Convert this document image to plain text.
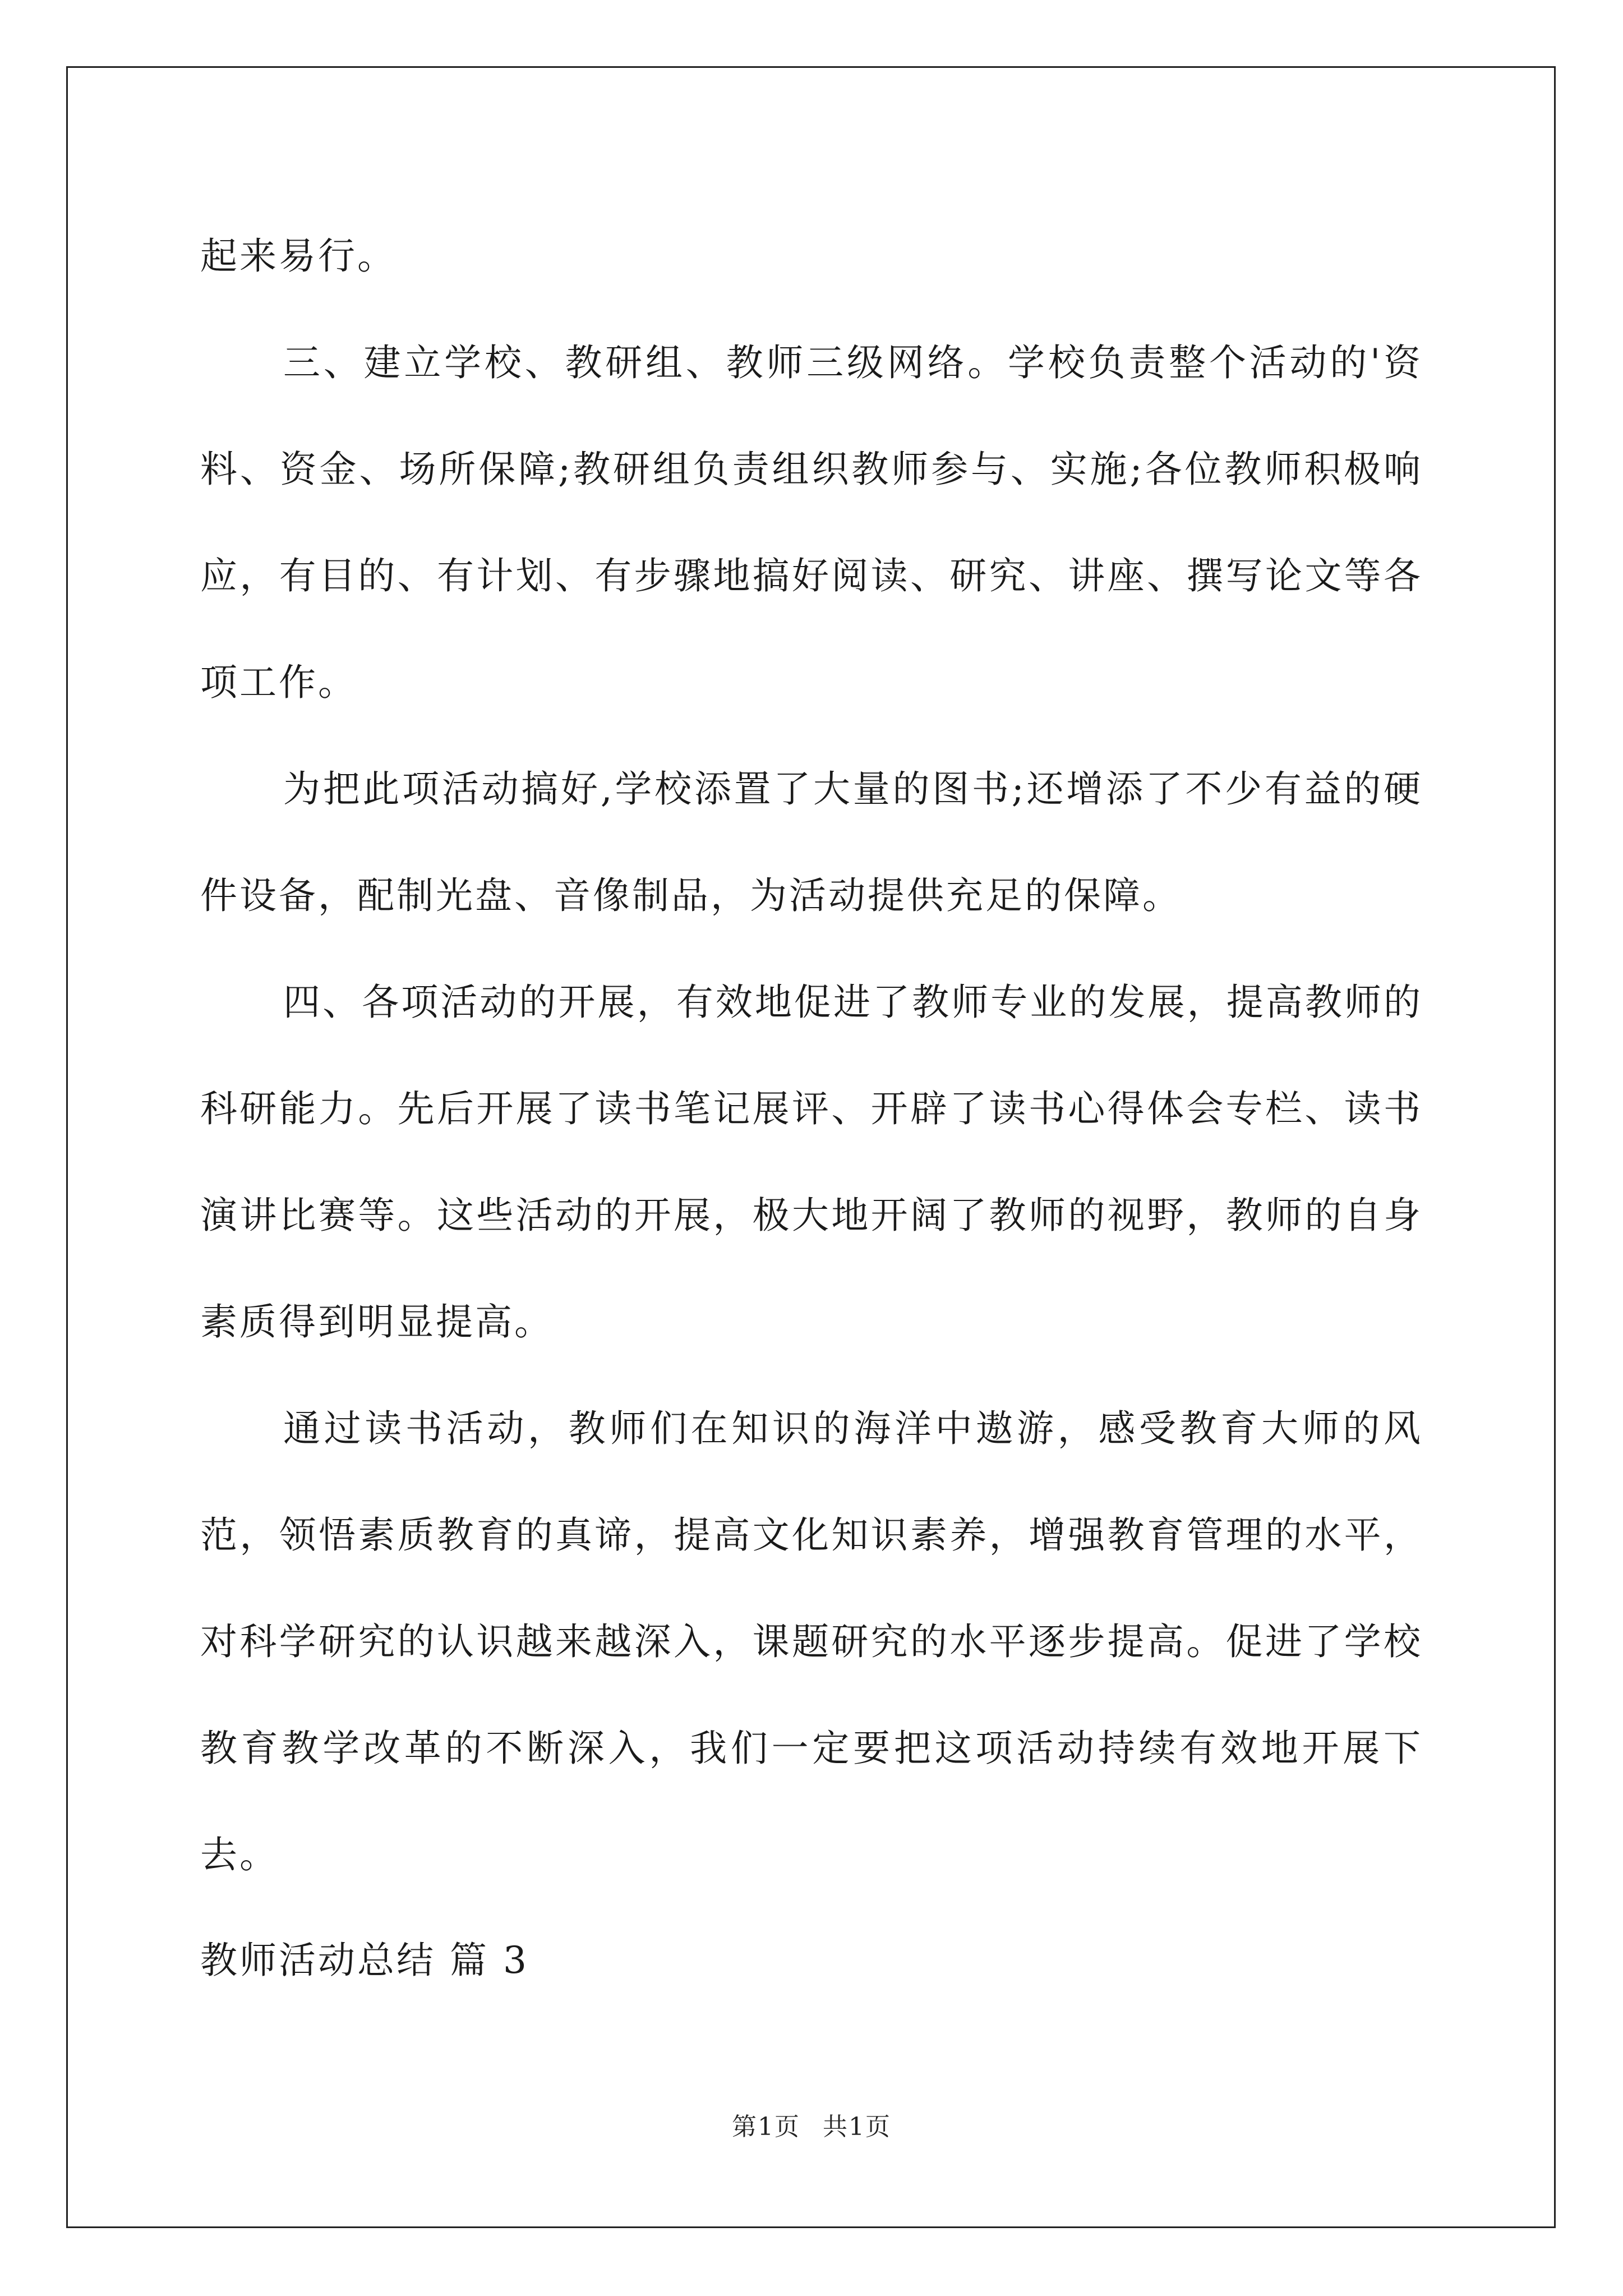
起来易行。

三、建立学校、教研组、教师三级网络。学校负责整个活动的'资料、资金、场所保障;教研组负责组织教师参与、实施;各位教师积极响应，有目的、有计划、有步骤地搞好阅读、研究、讲座、撰写论文等各项工作。

为把此项活动搞好,学校添置了大量的图书;还增添了不少有益的硬件设备，配制光盘、音像制品，为活动提供充足的保障。

四、各项活动的开展，有效地促进了教师专业的发展，提高教师的科研能力。先后开展了读书笔记展评、开辟了读书心得体会专栏、读书演讲比赛等。这些活动的开展，极大地开阔了教师的视野，教师的自身素质得到明显提高。

通过读书活动，教师们在知识的海洋中遨游，感受教育大师的风范，领悟素质教育的真谛，提高文化知识素养，增强教育管理的水平，对科学研究的认识越来越深入，课题研究的水平逐步提高。促进了学校教育教学改革的不断深入，我们一定要把这项活动持续有效地开展下去。

教师活动总结 篇 3
第1页 共1页
